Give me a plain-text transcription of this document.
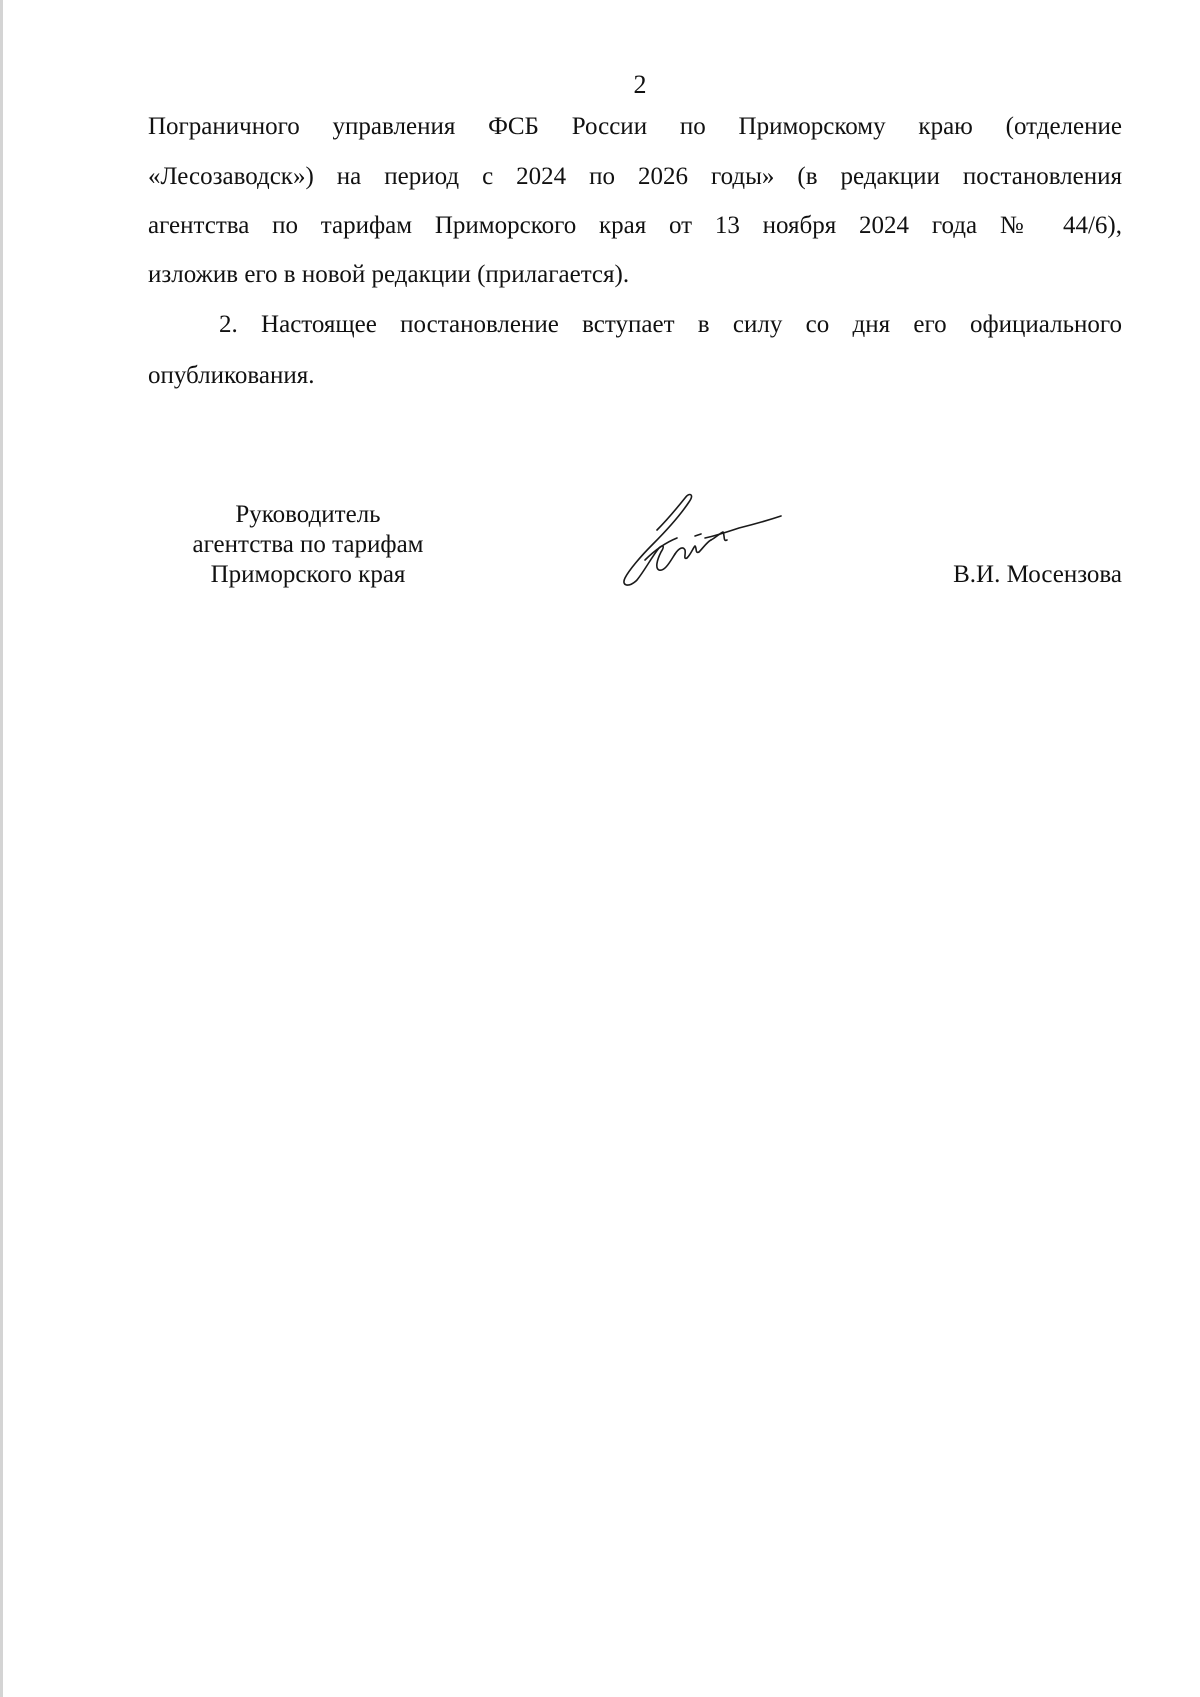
2
Пограничного управления ФСБ России по Приморскому краю (отделение
«Лесозаводск») на период с 2024 по 2026 годы» (в редакции постановления
агентства по тарифам Приморского края от 13 ноября 2024 года № 44/6),
изложив его в новой редакции (прилагается).
2. Настоящее постановление вступает в силу со дня его официального
опубликования.
Руководитель
агентства по тарифам
Приморского края	В.И. Мосензова
